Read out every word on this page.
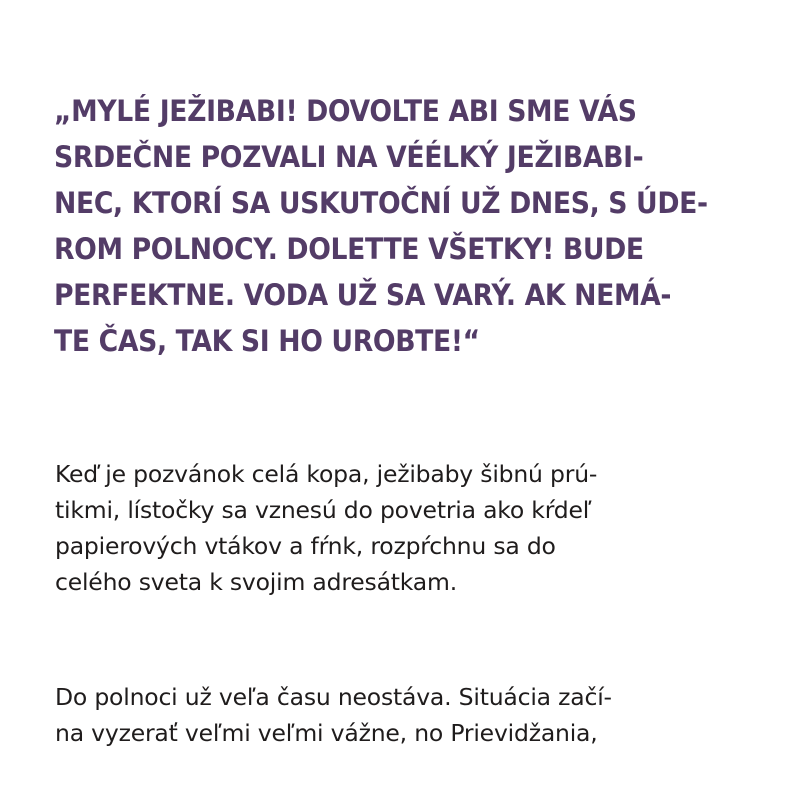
„MYLÉ JEŽIBABI! DOVOLTE ABI SME VÁS
SRDEČNE POZVALI NA VÉÉLKÝ JEŽIBABI-
NEC, KTORÍ SA USKUTOČNÍ UŽ DNES, S ÚDE-
ROM POLNOCY. DOLETTE VŠETKY! BUDE
PERFEKTNE. VODA UŽ SA VARÝ. AK NEMÁ-
TE ČAS, TAK SI HO UROBTE!“

Keď je pozvánok celá kopa, ježibaby šibnú prú-
tikmi, lístočky sa vznesú do povetria ako kŕdeľ
papierových vtákov a fŕnk, rozpŕchnu sa do
celého sveta k svojim adresátkam.

Do polnoci už veľa času neostáva. Situácia začí-
na vyzerať veľmi veľmi vážne, no Prievidžania,
